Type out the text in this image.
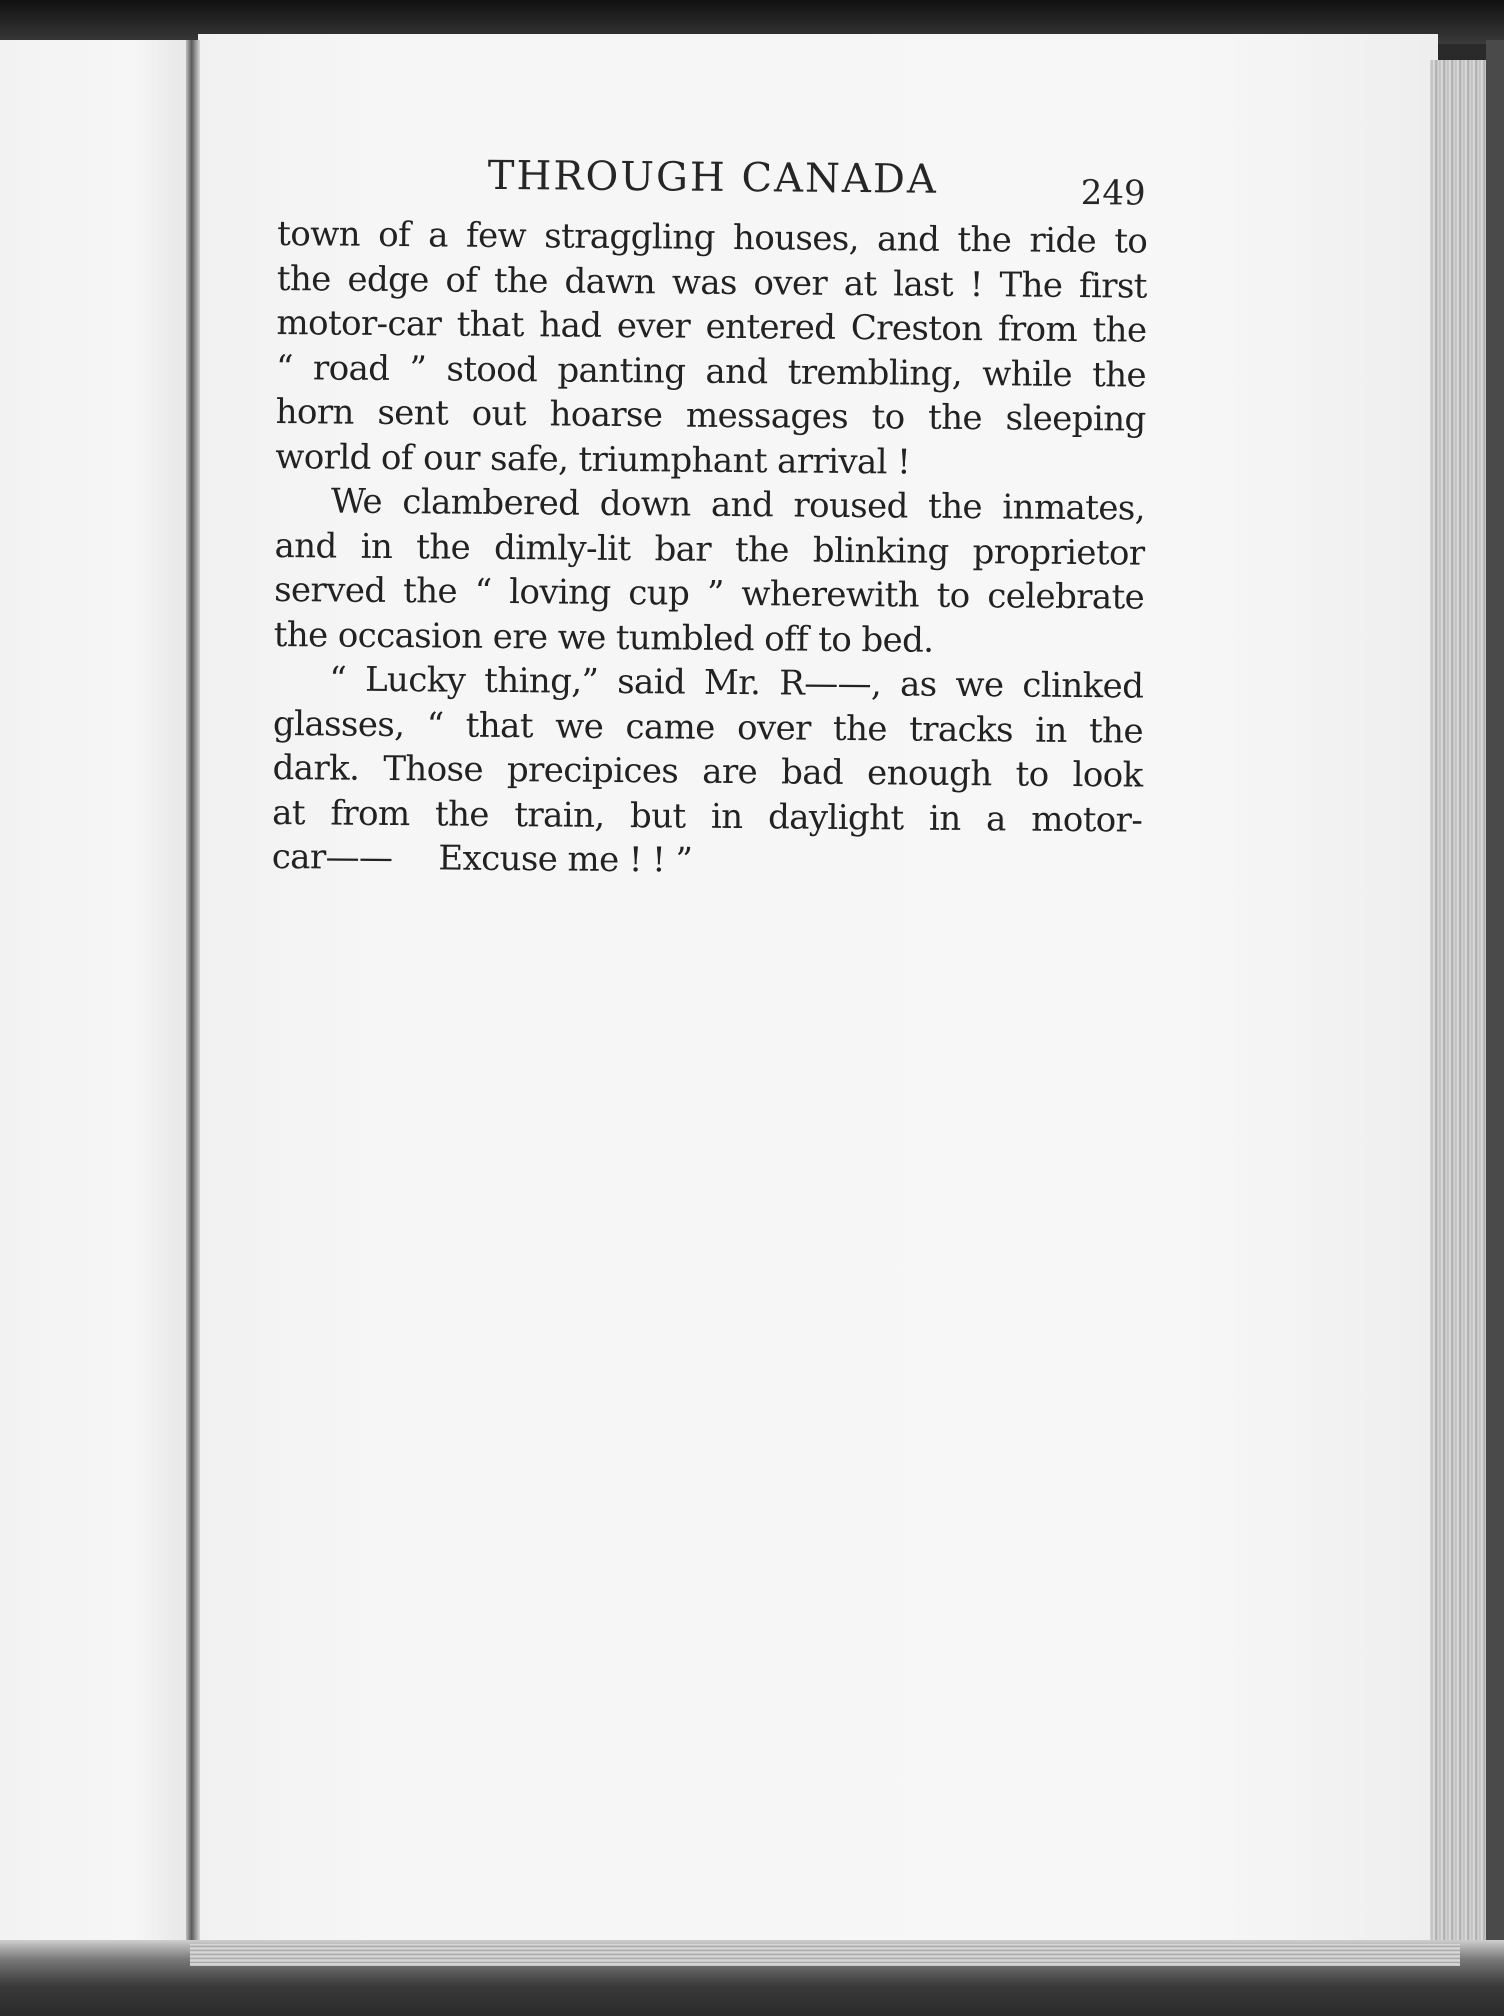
THROUGH CANADA	249
town of a few straggling houses, and the ride to
the edge of the dawn was over at last ! The first
motor-car that had ever entered Creston from the
“ road ” stood panting and trembling, while the
horn sent out hoarse messages to the sleeping
world of our safe, triumphant arrival !
We clambered down and roused the inmates,
and in the dimly-lit bar the blinking proprietor
served the “ loving cup ” wherewith to celebrate
the occasion ere we tumbled off to bed.
“ Lucky thing,” said Mr. R——, as we clinked
glasses, “ that we came over the tracks in the
dark. Those precipices are bad enough to look
at from the train, but in daylight in a motor-
car—— Excuse me ! ! ”
